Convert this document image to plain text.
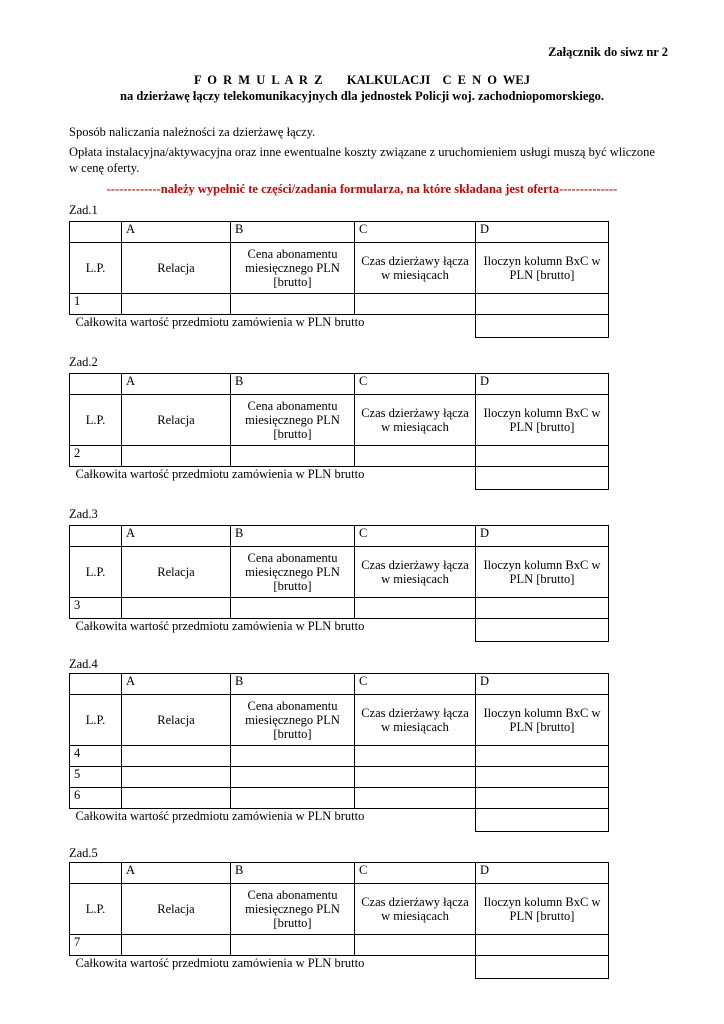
Załącznik do siwz nr 2
F O R M U L A R Z    KALKULACJI  C E N O WEJ
na dzierżawę łączy telekomunikacyjnych dla jednostek Policji woj. zachodniopomorskiego.
Sposób naliczania należności za dzierżawę łączy.
Opłata instalacyjna/aktywacyjna oraz inne ewentualne koszty związane z uruchomieniem usługi muszą być wliczone w cenę oferty.
-------------należy wypełnić te części/zadania formularza, na które składana jest oferta--------------
Zad.1
	A	B	C	D
L.P.	Relacja	Cena abonamentu miesięcznego PLN [brutto]	Czas dzierżawy łącza w miesiącach	Iloczyn kolumn BxC w PLN [brutto]
1				
Całkowita wartość przedmiotu zamówienia w PLN brutto				
Zad.2
	A	B	C	D
L.P.	Relacja	Cena abonamentu miesięcznego PLN [brutto]	Czas dzierżawy łącza w miesiącach	Iloczyn kolumn BxC w PLN [brutto]
2				
Całkowita wartość przedmiotu zamówienia w PLN brutto				
Zad.3
	A	B	C	D
L.P.	Relacja	Cena abonamentu miesięcznego PLN [brutto]	Czas dzierżawy łącza w miesiącach	Iloczyn kolumn BxC w PLN [brutto]
3				
Całkowita wartość przedmiotu zamówienia w PLN brutto				
Zad.4
	A	B	C	D
L.P.	Relacja	Cena abonamentu miesięcznego PLN [brutto]	Czas dzierżawy łącza w miesiącach	Iloczyn kolumn BxC w PLN [brutto]
4				
5				
6				
Całkowita wartość przedmiotu zamówienia w PLN brutto				
Zad.5
	A	B	C	D
L.P.	Relacja	Cena abonamentu miesięcznego PLN [brutto]	Czas dzierżawy łącza w miesiącach	Iloczyn kolumn BxC w PLN [brutto]
7				
Całkowita wartość przedmiotu zamówienia w PLN brutto				
